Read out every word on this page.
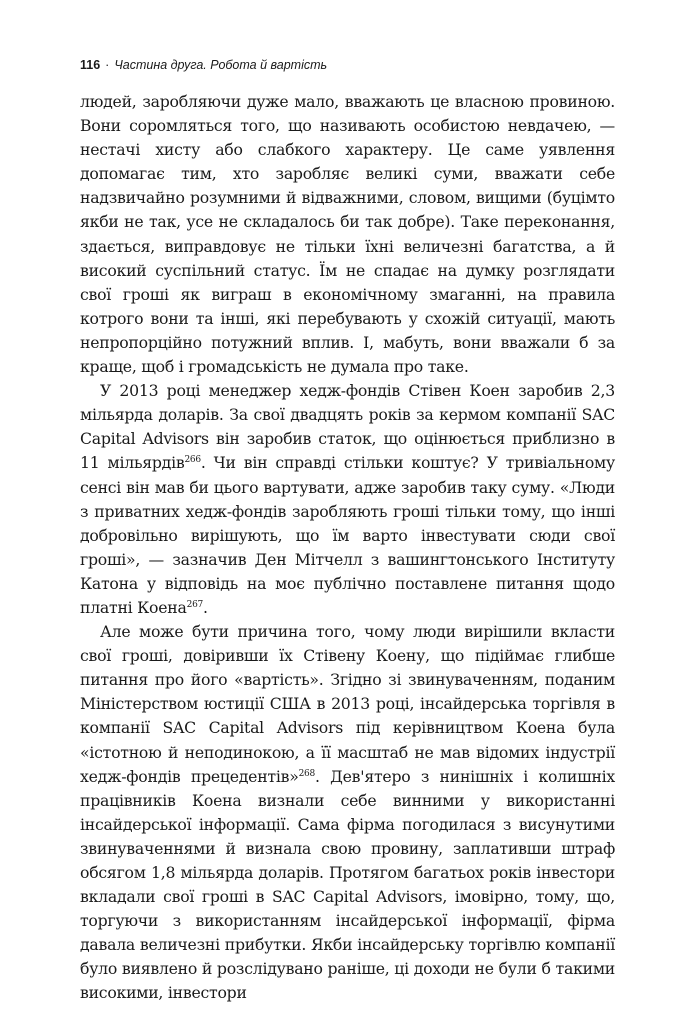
116 · Частина друга. Робота й вартість

людей, заробляючи дуже мало, вважають це власною провиною. Вони соромляться того, що називають особистою невдачею, — нестачі хисту або слабкого характеру. Це саме уявлення допомагає тим, хто заробляє великі суми, вважати себе надзвичайно розумними й відважними, словом, вищими (буцімто якби не так, усе не складалось би так добре). Таке переконання, здається, виправдовує не тільки їхні величезні багатства, а й високий суспільний статус. Їм не спадає на думку розглядати свої гроші як виграш в економічному змаганні, на правила котрого вони та інші, які перебувають у схожій ситуації, мають непропорційно потужний вплив. І, мабуть, вони вважали б за краще, щоб і громадськість не думала про таке.

У 2013 році менеджер хедж-фондів Стівен Коен заробив 2,3 мільярда доларів. За свої двадцять років за кермом компанії SAC Capital Advisors він заробив статок, що оцінюється приблизно в 11 мільярдів$^{266}$. Чи він справді стільки коштує? У тривіальному сенсі він мав би цього вартувати, адже заробив таку суму. «Люди з приватних хедж-фондів заробляють гроші тільки тому, що інші добровільно вирішують, що їм варто інвестувати сюди свої гроші», — зазначив Ден Мітчелл з вашингтонського Інституту Катона у відповідь на моє публічно поставлене питання щодо платні Коена$^{267}$.

Але може бути причина того, чому люди вирішили вкласти свої гроші, довіривши їх Стівену Коену, що підіймає глибше питання про його «вартість». Згідно зі звинуваченням, поданим Міністерством юстиції США в 2013 році, інсайдерська торгівля в компанії SAC Capital Advisors під керівництвом Коена була «істотною й неподинокою, а її масштаб не мав відомих індустрії хедж-фондів прецедентів»$^{268}$. Дев'ятеро з нинішніх і колишніх працівників Коена визнали себе винними у використанні інсайдерської інформації. Сама фірма погодилася з висунутими звинуваченнями й визнала свою провину, заплативши штраф обсягом 1,8 мільярда доларів. Протягом багатьох років інвестори вкладали свої гроші в SAC Capital Advisors, імовірно, тому, що, торгуючи з використанням інсайдерської інформації, фірма давала величезні прибутки. Якби інсайдерську торгівлю компанії було виявлено й розслідувано раніше, ці доходи не були б такими високими, інвестори
